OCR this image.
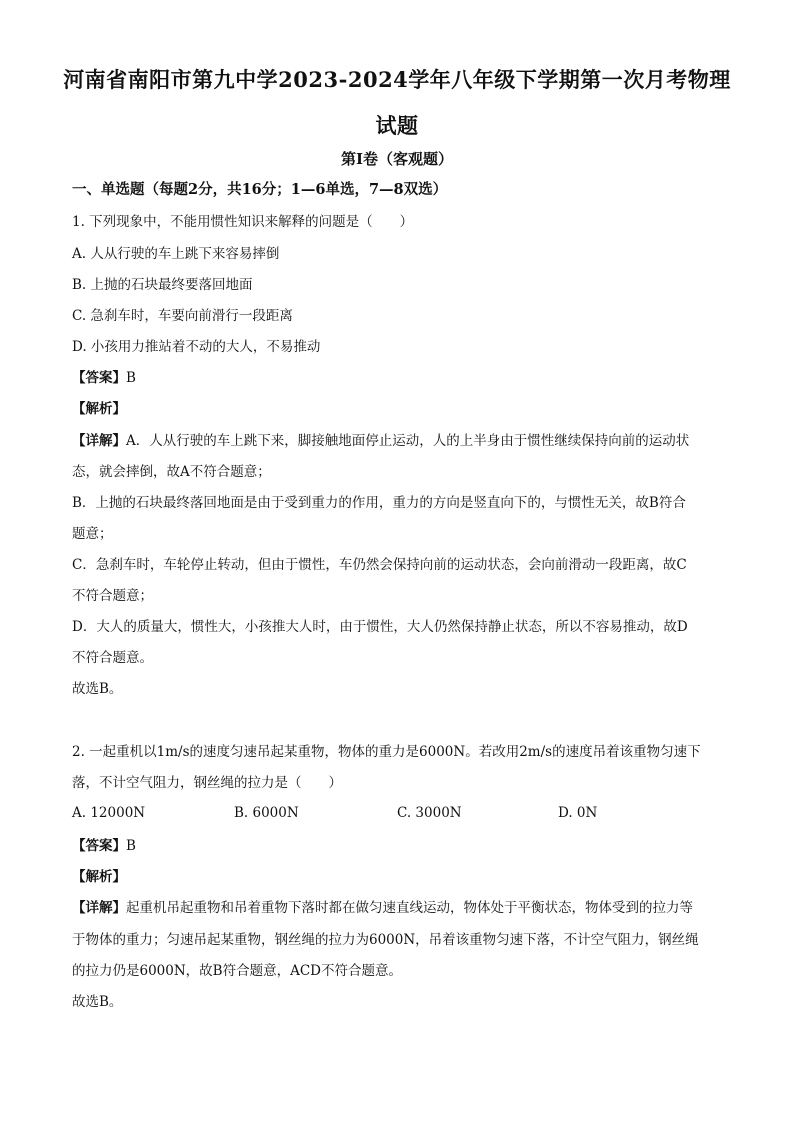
河南省南阳市第九中学2023-2024学年八年级下学期第一次月考物理
试题
第Ⅰ卷（客观题）
一、单选题（每题2分，共16分；1—6单选，7—8双选）
1. 下列现象中，不能用惯性知识来解释的问题是（　　）
A. 人从行驶的车上跳下来容易摔倒
B. 上抛的石块最终要落回地面
C. 急刹车时，车要向前滑行一段距离
D. 小孩用力推站着不动的大人，不易推动
【答案】B
【解析】
【详解】A．人从行驶的车上跳下来，脚接触地面停止运动，人的上半身由于惯性继续保持向前的运动状
态，就会摔倒，故A不符合题意；
B．上抛的石块最终落回地面是由于受到重力的作用，重力的方向是竖直向下的，与惯性无关，故B符合
题意；
C．急刹车时，车轮停止转动，但由于惯性，车仍然会保持向前的运动状态，会向前滑动一段距离，故C
不符合题意；
D．大人的质量大，惯性大，小孩推大人时，由于惯性，大人仍然保持静止状态，所以不容易推动，故D
不符合题意。
故选B。
2. 一起重机以1m/s的速度匀速吊起某重物，物体的重力是6000N。若改用2m/s的速度吊着该重物匀速下
落，不计空气阻力，钢丝绳的拉力是（　　）
A. 12000N	B. 6000N	C. 3000N	D. 0N
【答案】B
【解析】
【详解】起重机吊起重物和吊着重物下落时都在做匀速直线运动，物体处于平衡状态，物体受到的拉力等
于物体的重力；匀速吊起某重物，钢丝绳的拉力为6000N，吊着该重物匀速下落，不计空气阻力，钢丝绳
的拉力仍是6000N，故B符合题意，ACD不符合题意。
故选B。
